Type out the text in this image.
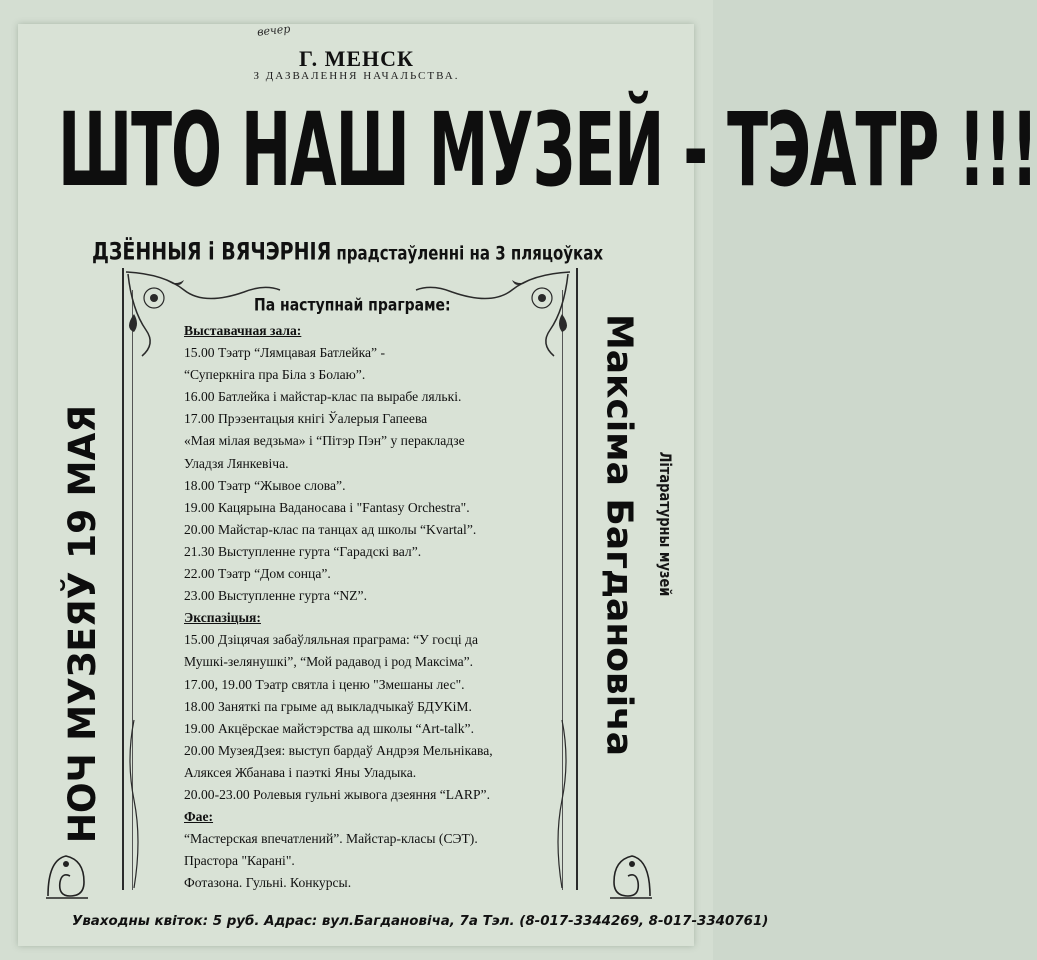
вечер
Г. МЕНСК
З ДАЗВАЛЕННЯ НАЧАЛЬСТВА.
ШТО НАШ МУЗЕЙ - ТЭАТР !!!
ДЗЁННЫЯ і ВЯЧЭРНІЯ прадстаўленні на 3 пляцоўках
Па наступнай праграме:
Выставачная зала:
15.00 Тэатр “Лямцавая Батлейка” -
“Суперкніга пра Біла з Болаю”.
16.00 Батлейка і майстар-клас па вырабе лялькі.
17.00 Прэзентацыя кнігі Ўалерыя Гапеева
«Мая мілая ведзьма» і “Пітэр Пэн” у перакладзе
Уладзя Лянкевіча.
18.00 Тэатр “Жывое слова”.
19.00 Кацярына Ваданосава і "Fantasy Orchestra".
20.00 Майстар-клас па танцах ад школы “Kvartal”.
21.30 Выступленне гурта “Гарадскі вал”.
22.00 Тэатр “Дом сонца”.
23.00 Выступленне гурта “NZ”.
Экспазіцыя:
15.00 Дзіцячая забаўляльная праграма: “У госці да
Мушкі-зелянушкі”, “Мой радавод і род Максіма”.
17.00, 19.00 Тэатр святла і ценю "Змешаны лес".
18.00 Заняткі па грыме ад выкладчыкаў БДУКіМ.
19.00 Акцёрскае майстэрства ад школы “Art-talk”.
20.00 МузеяДзея: выступ бардаў Андрэя Мельнікава,
Аляксея Жбанава і паэткі Яны Уладыка.
20.00-23.00 Ролевыя гульні жывога дзеяння “LARP”.
Фае:
“Мастерская впечатлений”. Майстар-класы (СЭТ).
Прастора "Карані".
Фотазона. Гульні. Конкурсы.
НОЧ МУЗЕЯЎ 19 МАЯ	Максіма Багдановіча Літаратурны музей
Уваходны квіток: 5 руб. Адрас: вул.Багдановіча, 7а Тэл. (8-017-3344269, 8-017-3340761)
